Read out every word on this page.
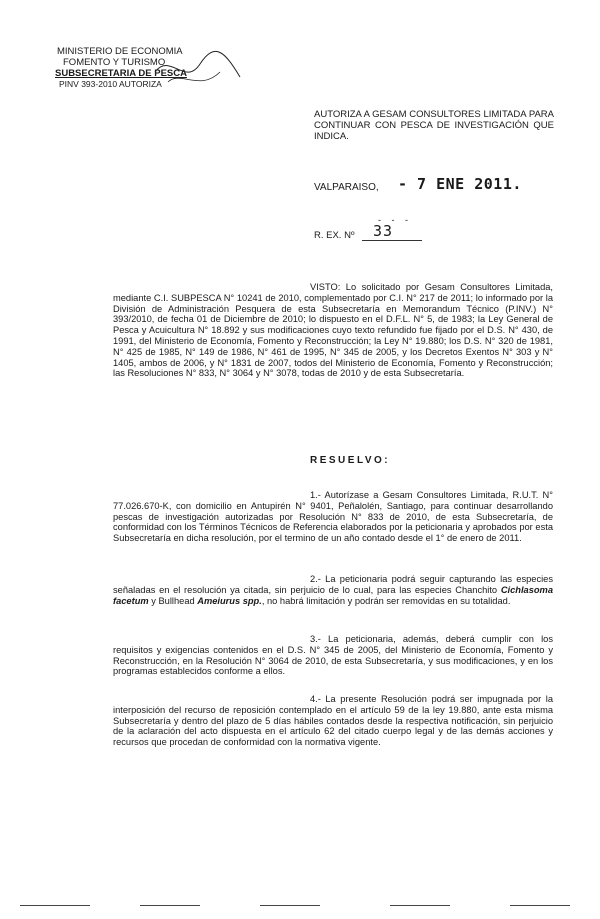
MINISTERIO DE ECONOMIA
FOMENTO Y TURISMO
SUBSECRETARIA DE PESCA
PINV 393-2010 AUTORIZA
AUTORIZA A GESAM CONSULTORES LIMITADA PARA CONTINUAR CON PESCA DE INVESTIGACIÓN QUE INDICA.
VALPARAISO, - 7 ENE 2011.
- - -
R. EX. Nº 33
VISTO: Lo solicitado por Gesam Consultores Limitada, mediante C.I. SUBPESCA N° 10241 de 2010, complementado por C.I. N° 217 de 2011; lo informado por la División de Administración Pesquera de esta Subsecretaría en Memorandum Técnico (P.INV.) N° 393/2010, de fecha 01 de Diciembre de 2010; lo dispuesto en el D.F.L. N° 5, de 1983; la Ley General de Pesca y Acuicultura N° 18.892 y sus modificaciones cuyo texto refundido fue fijado por el D.S. N° 430, de 1991, del Ministerio de Economía, Fomento y Reconstrucción; la Ley N° 19.880; los D.S. N° 320 de 1981, N° 425 de 1985, N° 149 de 1986, N° 461 de 1995, N° 345 de 2005, y los Decretos Exentos N° 303 y N° 1405, ambos de 2006, y N° 1831 de 2007, todos del Ministerio de Economía, Fomento y Reconstrucción; las Resoluciones N° 833, N° 3064 y N° 3078, todas de 2010 y de esta Subsecretaría.
RESUELVO:
1.- Autorízase a Gesam Consultores Limitada, R.U.T. N° 77.026.670-K, con domicilio en Antupirén N° 9401, Peñalolén, Santiago, para continuar desarrollando pescas de investigación autorizadas por Resolución N° 833 de 2010, de esta Subsecretaría, de conformidad con los Términos Técnicos de Referencia elaborados por la peticionaria y aprobados por esta Subsecretaría en dicha resolución, por el termino de un año contado desde el 1° de enero de 2011.
2.- La peticionaria podrá seguir capturando las especies señaladas en el resolución ya citada, sin perjuicio de lo cual, para las especies Chanchito Cichlasoma facetum y Bullhead Ameiurus spp., no habrá limitación y podrán ser removidas en su totalidad.
3.- La peticionaria, además, deberá cumplir con los requisitos y exigencias contenidos en el D.S. N° 345 de 2005, del Ministerio de Economía, Fomento y Reconstrucción, en la Resolución N° 3064 de 2010, de esta Subsecretaría, y sus modificaciones, y en los programas establecidos conforme a ellos.
4.- La presente Resolución podrá ser impugnada por la interposición del recurso de reposición contemplado en el artículo 59 de la ley 19.880, ante esta misma Subsecretaría y dentro del plazo de 5 días hábiles contados desde la respectiva notificación, sin perjuicio de la aclaración del acto dispuesta en el artículo 62 del citado cuerpo legal y de las demás acciones y recursos que procedan de conformidad con la normativa vigente.
